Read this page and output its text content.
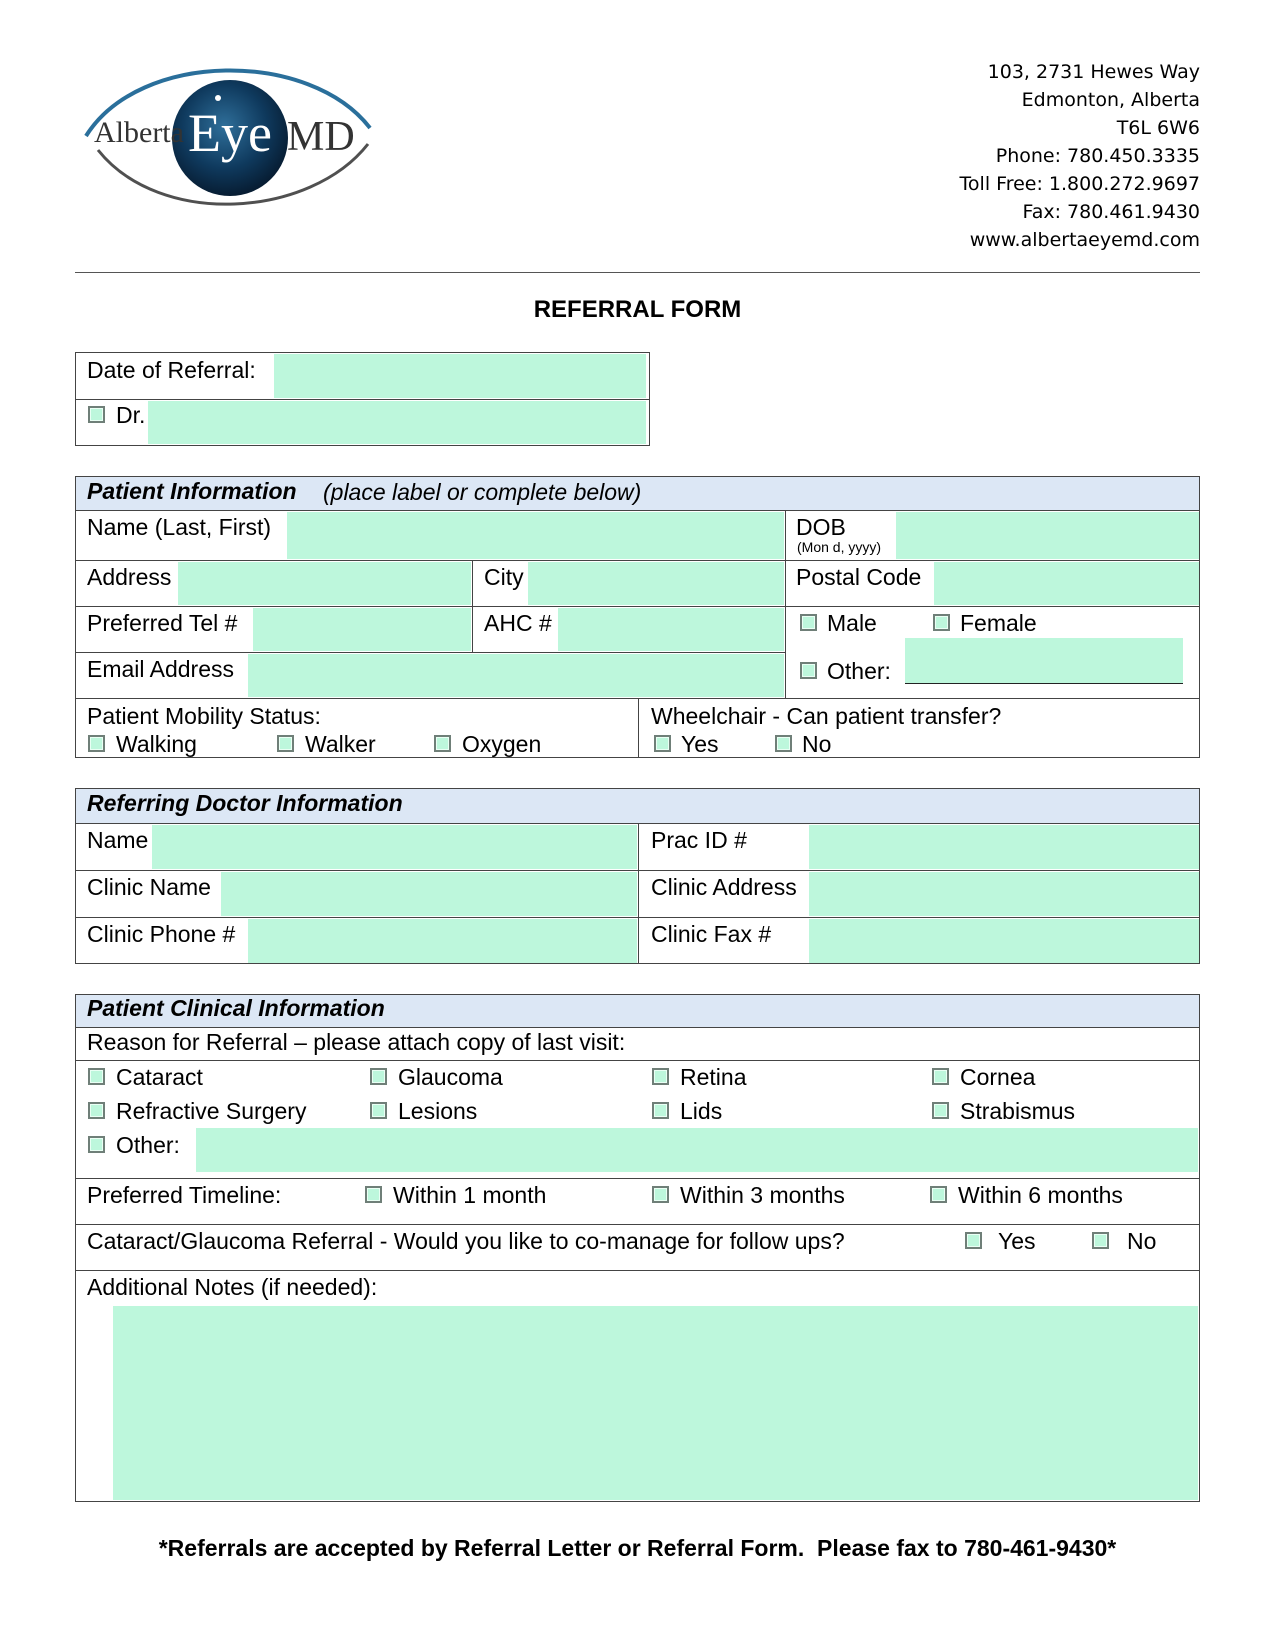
Alberta Eye MD
103, 2731 Hewes Way
Edmonton, Alberta
T6L 6W6
Phone: 780.450.3335
Toll Free: 1.800.272.9697
Fax: 780.461.9430
www.albertaeyemd.com
REFERRAL FORM
Date of Referral:
Dr.
Patient Information (place label or complete below)
Name (Last, First)	DOB
(Mon d, yyyy)
Address	City	Postal Code
Preferred Tel #	AHC #	Male	Female
Email Address	Other:
Patient Mobility Status:
Walking	Walker	Oxygen
Wheelchair - Can patient transfer?
Yes	No
Referring Doctor Information
Name	Prac ID #
Clinic Name	Clinic Address
Clinic Phone #	Clinic Fax #
Patient Clinical Information
Reason for Referral – please attach copy of last visit:
Cataract	Glaucoma	Retina	Cornea
Refractive Surgery	Lesions	Lids	Strabismus
Other:
Preferred Timeline:	Within 1 month	Within 3 months	Within 6 months
Cataract/Glaucoma Referral - Would you like to co-manage for follow ups?	Yes	No
Additional Notes (if needed):
*Referrals are accepted by Referral Letter or Referral Form.  Please fax to 780-461-9430*
